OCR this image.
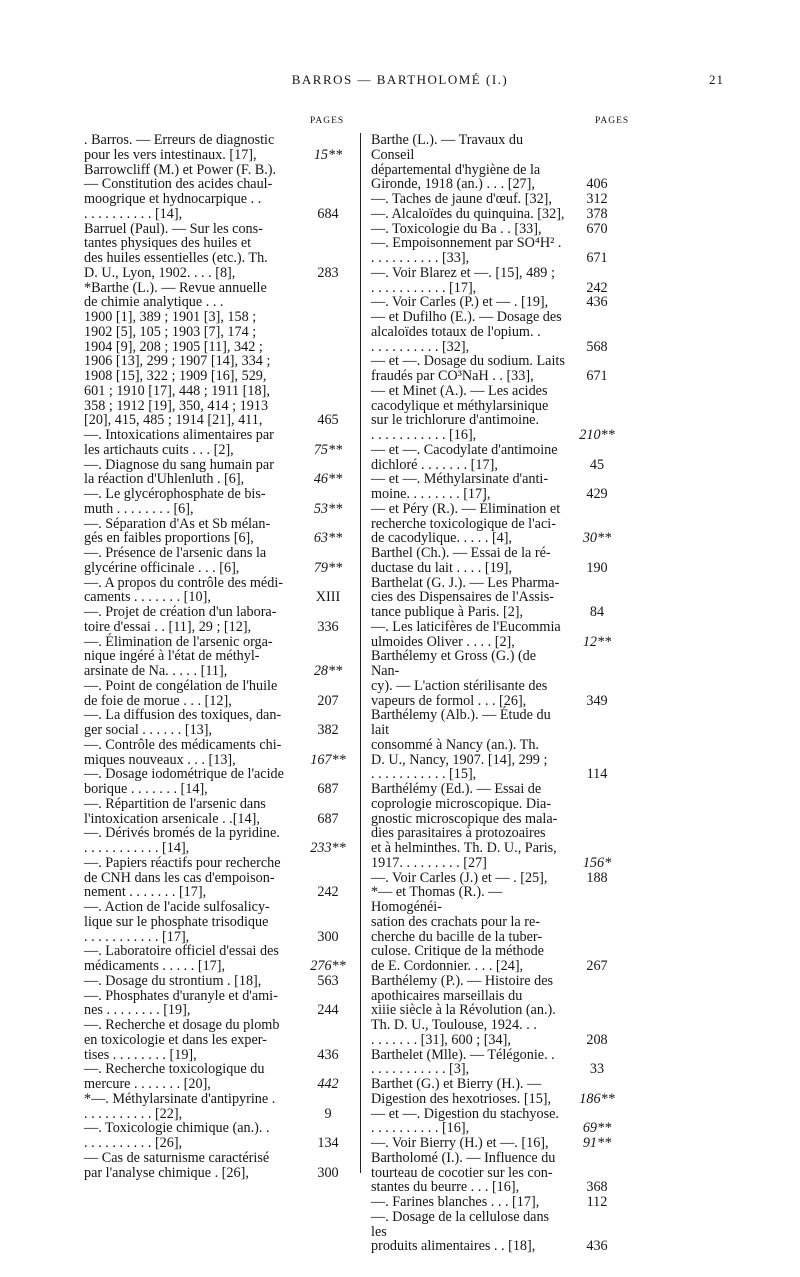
BARROS — BARTHOLOMÉ (I.)	21
PAGES	PAGES
. Barros. — Erreurs de diagnostic
pour les vers intestinaux. [17],	15**
Barrowcliff (M.) et Power (F. B.).
— Constitution des acides chaul-
moogrique et hydnocarpique . .
. . . . . . . . . . [14],	684
Barruel (Paul). — Sur les cons-
tantes physiques des huiles et
des huiles essentielles (etc.). Th.
D. U., Lyon, 1902. . . . [8],	283
*Barthe (L.). — Revue annuelle
de chimie analytique . . .
1900 [1], 389 ; 1901 [3], 158 ;
1902 [5], 105 ; 1903 [7], 174 ;
1904 [9], 208 ; 1905 [11], 342 ;
1906 [13], 299 ; 1907 [14], 334 ;
1908 [15], 322 ; 1909 [16], 529,
601 ; 1910 [17], 448 ; 1911 [18],
358 ; 1912 [19], 350, 414 ; 1913
[20], 415, 485 ; 1914 [21], 411,	465
—. Intoxications alimentaires par
les artichauts cuits . . . [2],	75**
—. Diagnose du sang humain par
la réaction d'Uhlenluth . [6],	46**
—. Le glycérophosphate de bis-
muth . . . . . . . . [6],	53**
—. Séparation d'As et Sb mélan-
gés en faibles proportions [6],	63**
—. Présence de l'arsenic dans la
glycérine officinale . . . [6],	79**
—. A propos du contrôle des médi-
caments . . . . . . . [10],	XIII
—. Projet de création d'un labora-
toire d'essai . . [11], 29 ; [12],	336
—. Élimination de l'arsenic orga-
nique ingéré à l'état de méthyl-
arsinate de Na. . . . . [11],	28**
—. Point de congélation de l'huile
de foie de morue . . . [12],	207
—. La diffusion des toxiques, dan-
ger social . . . . . . [13],	382
—. Contrôle des médicaments chi-
miques nouveaux . . . [13],	167**
—. Dosage iodométrique de l'acide
borique . . . . . . . [14],	687
—. Répartition de l'arsenic dans
l'intoxication arsenicale . .[14],	687
—. Dérivés bromés de la pyridine.
. . . . . . . . . . . [14],	233**
—. Papiers réactifs pour recherche
de CNH dans les cas d'empoison-
nement . . . . . . . [17],	242
—. Action de l'acide sulfosalicy-
lique sur le phosphate trisodique
. . . . . . . . . . . [17],	300
—. Laboratoire officiel d'essai des
médicaments . . . . . [17],	276**
—. Dosage du strontium . [18],	563
—. Phosphates d'uranyle et d'ami-
nes . . . . . . . . [19],	244
—. Recherche et dosage du plomb
en toxicologie et dans les exper-
tises . . . . . . . . [19],	436
—. Recherche toxicologique du
mercure . . . . . . . [20],	442
*—. Méthylarsinate d'antipyrine .
. . . . . . . . . . [22],	9
—. Toxicologie chimique (an.). .
. . . . . . . . . . [26],	134
— Cas de saturnisme caractérisé
par l'analyse chimique . [26],	300
Barthe (L.). — Travaux du Conseil
départemental d'hygiène de la
Gironde, 1918 (an.) . . . [27],	406
—. Taches de jaune d'œuf. [32],	312
—. Alcaloïdes du quinquina. [32],	378
—. Toxicologie du Ba . . [33],	670
—. Empoisonnement par SO⁴H² .
. . . . . . . . . . [33],	671
—. Voir Blarez et —. [15], 489 ;
. . . . . . . . . . . [17],	242
—. Voir Carles (P.) et — . [19],	436
— et Dufilho (E.). — Dosage des
alcaloïdes totaux de l'opium. .
. . . . . . . . . . [32],	568
— et —. Dosage du sodium. Laits
fraudés par CO³NaH . . [33],	671
— et Minet (A.). — Les acides
cacodylique et méthylarsinique
sur le trichlorure d'antimoine.
. . . . . . . . . . . [16],	210**
— et —. Cacodylate d'antimoine
dichloré . . . . . . . [17],	45
— et —. Méthylarsinate d'anti-
moine. . . . . . . . [17],	429
— et Péry (R.). — Élimination et
recherche toxicologique de l'aci-
de cacodylique. . . . . [4],	30**
Barthel (Ch.). — Essai de la ré-
ductase du lait . . . . [19],	190
Barthelat (G. J.). — Les Pharma-
cies des Dispensaires de l'Assis-
tance publique à Paris. [2],	84
—. Les laticifères de l'Eucommia
ulmoides Oliver . . . . [2],	12**
Barthélemy et Gross (G.) (de Nan-
cy). — L'action stérilisante des
vapeurs de formol . . . [26],	349
Barthélemy (Alb.). — Étude du lait
consommé à Nancy (an.). Th.
D. U., Nancy, 1907. [14], 299 ;
. . . . . . . . . . . [15],	114
Barthélémy (Ed.). — Essai de
coprologie microscopique. Dia-
gnostic microscopique des mala-
dies parasitaires à protozoaires
et à helminthes. Th. D. U., Paris,
1917. . . . . . . . . [27]	156*
—. Voir Carles (J.) et — . [25],	188
*— et Thomas (R.). — Homogénéi-
sation des crachats pour la re-
cherche du bacille de la tuber-
culose. Critique de la méthode
de E. Cordonnier. . . . [24],	267
Barthélemy (P.). — Histoire des
apothicaires marseillais du
xiiie siècle à la Révolution (an.).
Th. D. U., Toulouse, 1924. . .
. . . . . . . [31], 600 ; [34],	208
Barthelet (Mlle). — Télégonie. .
. . . . . . . . . . . [3],	33
Barthet (G.) et Bierry (H.). —
Digestion des hexotrioses. [15],	186**
— et —. Digestion du stachyose.
. . . . . . . . . . [16],	69**
—. Voir Bierry (H.) et —. [16],	91**
Bartholomé (I.). — Influence du
tourteau de cocotier sur les con-
stantes du beurre . . . [16],	368
—. Farines blanches . . . [17],	112
—. Dosage de la cellulose dans les
produits alimentaires . . [18],	436
